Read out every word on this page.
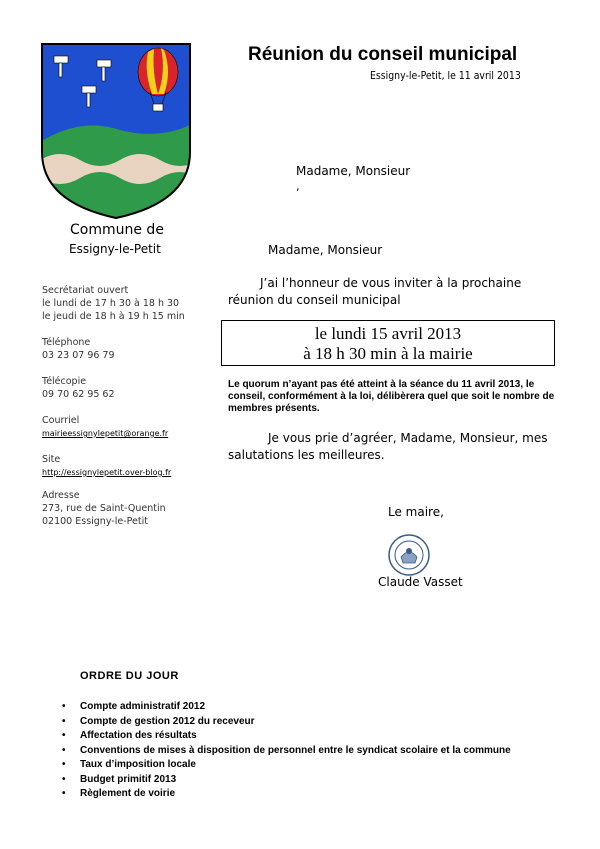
Réunion du conseil municipal
Essigny-le-Petit, le 11 avril 2013
Madame, Monsieur
,
Commune de
Essigny-le-Petit
Secrétariat ouvert
le lundi de 17 h 30 à 18 h 30
le jeudi de 18 h à 19 h 15 min
Téléphone
03 23 07 96 79
Télécopie
09 70 62 95 62
Courriel
mairieessignylepetit@orange.fr
Site
http://essignylepetit.over-blog.fr
Adresse
273, rue de Saint-Quentin
02100 Essigny-le-Petit
Madame, Monsieur
J’ai l’honneur de vous inviter à la prochaine réunion du conseil municipal
le lundi 15 avril 2013
à 18 h 30 min à la mairie
Le quorum n’ayant pas été atteint à la séance du 11 avril 2013, le conseil, conformément à la loi, délibèrera quel que soit le nombre de membres présents.
Je vous prie d’agréer, Madame, Monsieur, mes salutations les meilleures.
Le maire,
Claude Vasset
ORDRE DU JOUR
• Compte administratif 2012
• Compte de gestion 2012 du receveur
• Affectation des résultats
• Conventions de mises à disposition de personnel entre le syndicat scolaire et la commune
• Taux d’imposition locale
• Budget primitif 2013
• Règlement de voirie
